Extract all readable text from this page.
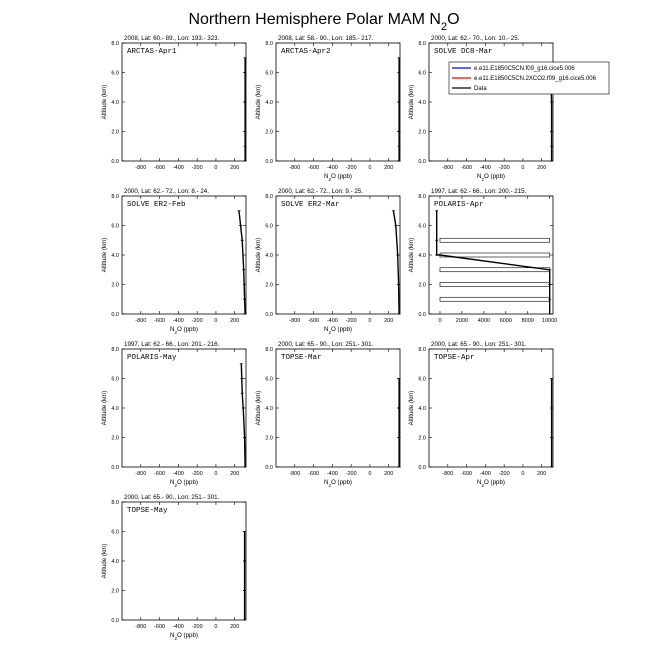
Northern Hemisphere Polar MAM $N_2O$
2008, Lat: 60.- 89., Lon: 193.- 323.
ARCTAS-Apr1
0.0
2.0
4.0
6.0
8.0
-800 -600 -400 -200 0 200
Altitude (km)
2008, Lat: 58.- 90., Lon: 185.- 217.
ARCTAS-Apr2
0.0
2.0
4.0
6.0
8.0
-800 -600 -400 -200 0 200
Altitude (km)
$N_2O$ (ppb)
2000, Lat: 62.- 70., Lon: 10.- 25.
SOLVE DC8-Mar
0.0
2.0
4.0
6.0
8.0
-800 -600 -400 -200 0 200
Altitude (km)
$N_2O$ (ppb)
e.e11.E1850C5CN.f09_g16.cice5.006
e.e11.E1850C5CN.2XCO2.f09_g16.cice5.006
Data
2000, Lat: 62.- 72., Lon: 8.- 24.
SOLVE ER2-Feb
0.0
2.0
4.0
6.0
8.0
-800 -600 -400 -200 0 200
Altitude (km)
$N_2O$ (ppb)
2000, Lat: 62.- 72., Lon: 9.- 25.
SOLVE ER2-Mar
0.0
2.0
4.0
6.0
8.0
-800 -600 -400 -200 0 200
Altitude (km)
$N_2O$ (ppb)
1997, Lat: 62.- 66., Lon: 200.- 215.
POLARIS-Apr
0.0
2.0
4.0
6.0
8.0
0	2000 4000 6000 8000 10000
Altitude (km)
1997, Lat: 62.- 66., Lon: 201.- 216.
POLARIS-May
0.0
2.0
4.0
6.0
8.0
-800 -600 -400 -200 0 200
Altitude (km)
$N_2O$ (ppb)
2000, Lat: 65.- 90., Lon: 251.- 301.
TOPSE-Mar
0.0
2.0
4.0
6.0
8.0
-800 -600 -400 -200 0 200
Altitude (km)
$N_2O$ (ppb)
2000, Lat: 65.- 90., Lon: 251.- 301.
TOPSE-Apr
0.0
2.0
4.0
6.0
8.0
-800 -600 -400 -200 0 200
Altitude (km)
$N_2O$ (ppb)
2000, Lat: 65.- 90., Lon: 251.- 301.
TOPSE-May
0.0
2.0
4.0
6.0
8.0
-800 -600 -400 -200 0 200
Altitude (km)
$N_2O$ (ppb)
